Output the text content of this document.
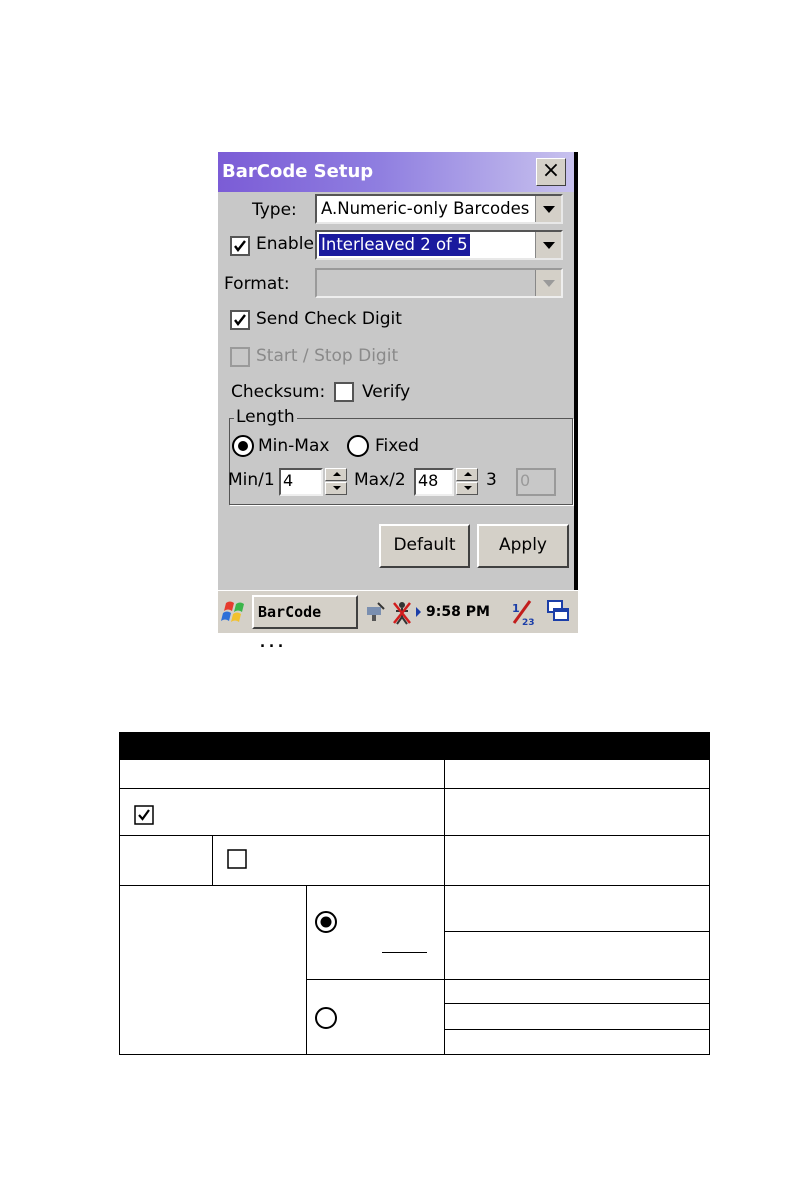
BarCode Setup	×
Type: A.Numeric-only Barcodes
Enable Interleaved 2 of 5
Format:
Send Check Digit
Start / Stop Digit
Checksum: Verify
Length
Min-Max	Fixed
Min/1 4	Max/2 48	3 0
Default	Apply
BarCode ...
9:58 PM	1
23
